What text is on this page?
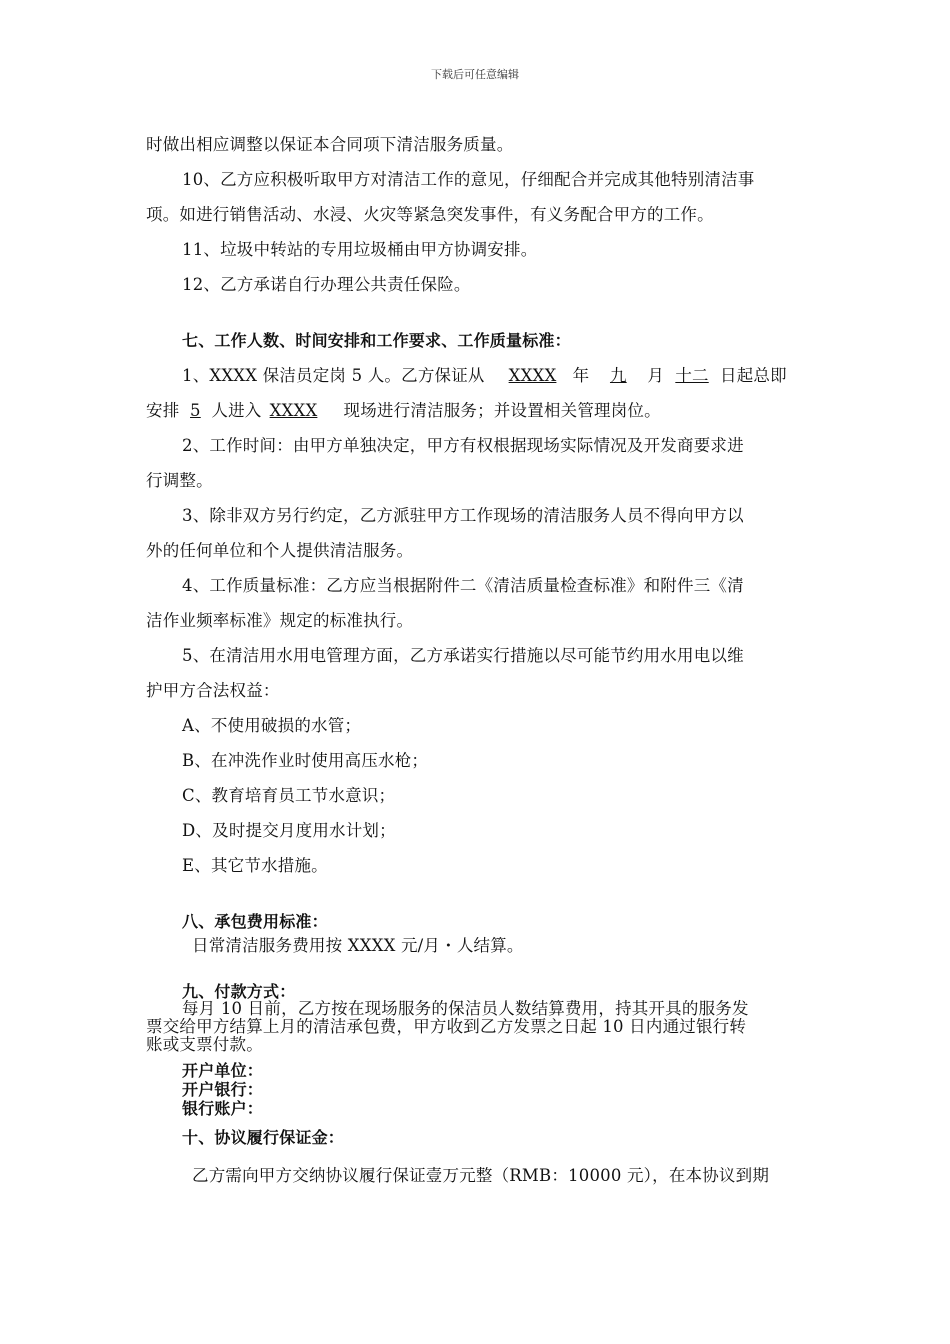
下载后可任意编辑
时做出相应调整以保证本合同项下清洁服务质量。
10、乙方应积极听取甲方对清洁工作的意见，仔细配合并完成其他特别清洁事
项。如进行销售活动、水浸、火灾等紧急突发事件，有义务配合甲方的工作。
11、垃圾中转站的专用垃圾桶由甲方协调安排。
12、乙方承诺自行办理公共责任保险。
七、工作人数、时间安排和工作要求、工作质量标准：
1、XXXX 保洁员定岗 5 人。乙方保证从 XXXX 年 九 月 十二 日起总即
安排 5 人进入 XXXX 现场进行清洁服务；并设置相关管理岗位。
2、工作时间：由甲方单独决定，甲方有权根据现场实际情况及开发商要求进
行调整。
3、除非双方另行约定，乙方派驻甲方工作现场的清洁服务人员不得向甲方以
外的任何单位和个人提供清洁服务。
4、工作质量标准：乙方应当根据附件二《清洁质量检查标准》和附件三《清
洁作业频率标准》规定的标准执行。
5、在清洁用水用电管理方面，乙方承诺实行措施以尽可能节约用水用电以维
护甲方合法权益：
A、不使用破损的水管；
B、在冲洗作业时使用高压水枪；
C、教育培育员工节水意识；
D、及时提交月度用水计划；
E、其它节水措施。
八、承包费用标准：
日常清洁服务费用按 XXXX 元/月・人结算。
九、付款方式：
每月 10 日前，乙方按在现场服务的保洁员人数结算费用，持其开具的服务发
票交给甲方结算上月的清洁承包费，甲方收到乙方发票之日起 10 日内通过银行转
账或支票付款。
开户单位：
开户银行：
银行账户：
十、协议履行保证金：
乙方需向甲方交纳协议履行保证壹万元整（RMB：10000 元），在本协议到期
